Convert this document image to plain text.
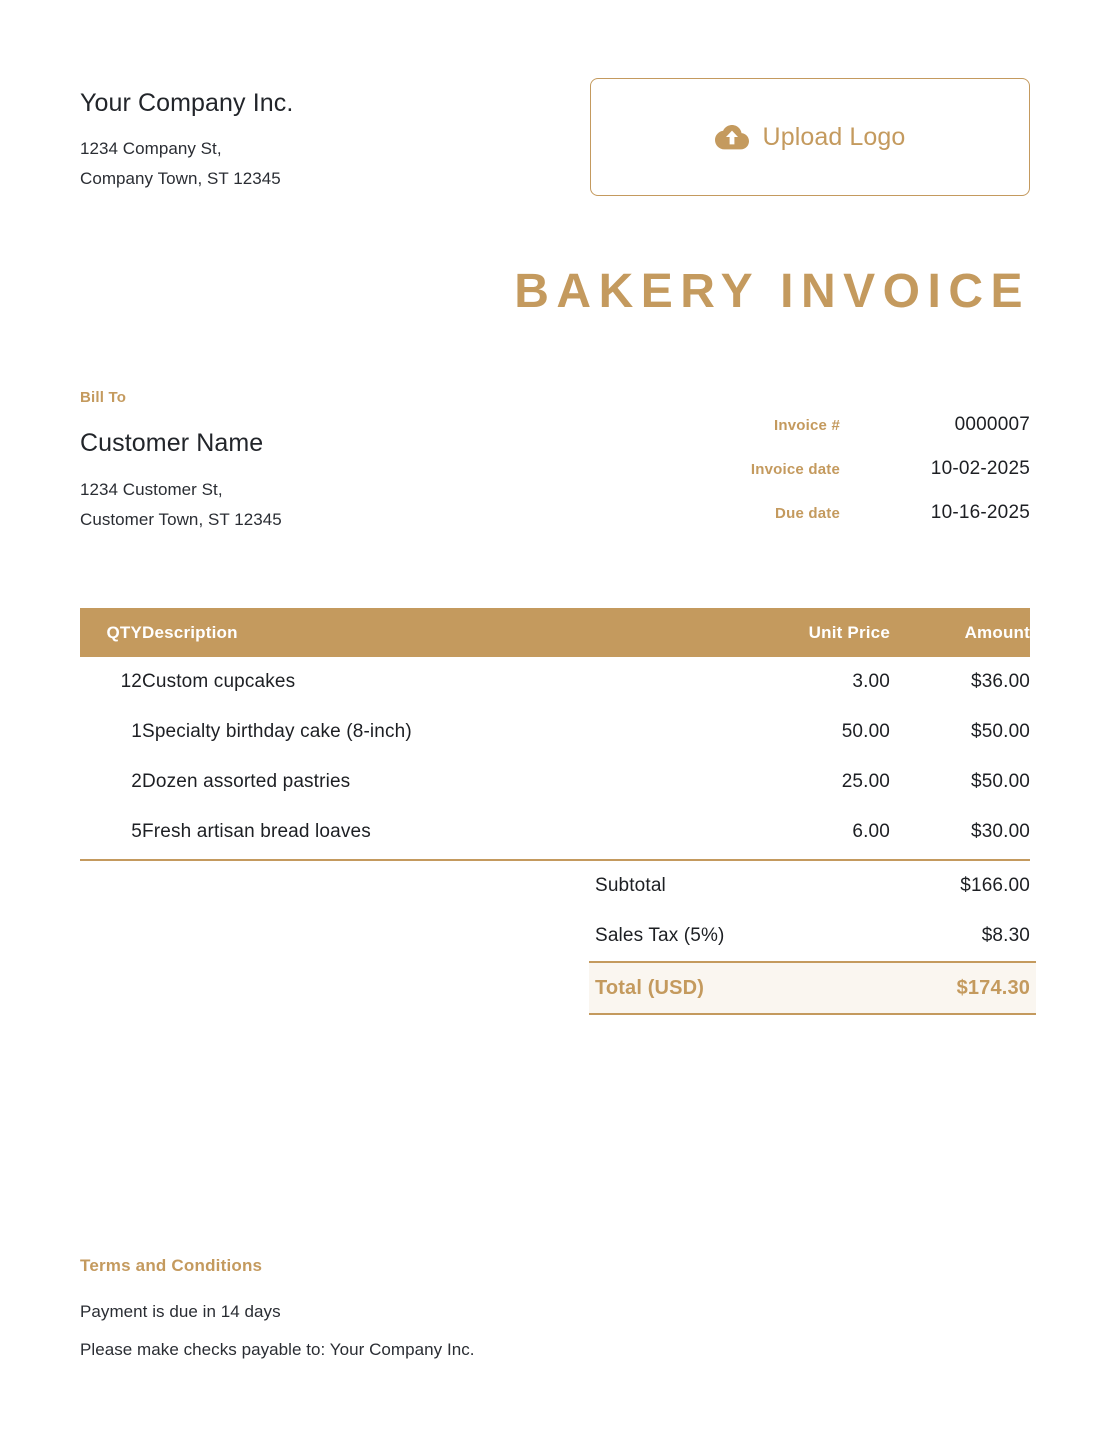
Your Company Inc.
1234 Company St,
Company Town, ST 12345
Upload Logo
BAKERY INVOICE
Bill To
Customer Name
1234 Customer St,
Customer Town, ST 12345
Invoice #	0000007
Invoice date	10-02-2025
Due date	10-16-2025
QTY	Description	Unit Price	Amount
12	Custom cupcakes	3.00	$36.00
1	Specialty birthday cake (8-inch)	50.00	$50.00
2	Dozen assorted pastries	25.00	$50.00
5	Fresh artisan bread loaves	6.00	$30.00
Subtotal	$166.00
Sales Tax (5%)	$8.30
Total (USD)	$174.30
Terms and Conditions
Payment is due in 14 days
Please make checks payable to: Your Company Inc.
